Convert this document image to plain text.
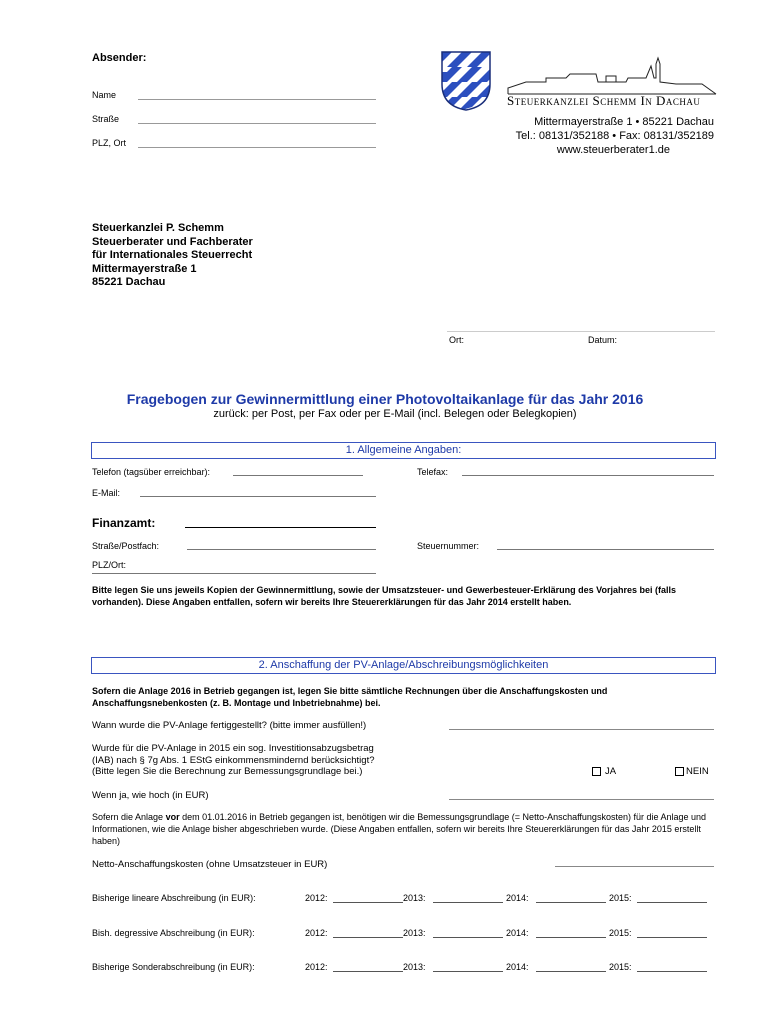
Absender:
Name
Straße
PLZ, Ort
Steuerkanzlei Schemm In Dachau
Mittermayerstraße 1 • 85221 Dachau
Tel.: 08131/352188 • Fax: 08131/352189
www.steuerberater1.de
Steuerkanzlei P. Schemm
Steuerberater und Fachberater
für Internationales Steuerrecht
Mittermayerstraße 1
85221 Dachau
Ort:	Datum:
Fragebogen zur Gewinnermittlung einer Photovoltaikanlage für das Jahr 2016
zurück: per Post, per Fax oder per E-Mail (incl. Belegen oder Belegkopien)
1. Allgemeine Angaben:
Telefon (tagsüber erreichbar):	Telefax:
E-Mail:
Finanzamt:
Straße/Postfach:	Steuernummer:
PLZ/Ort:
Bitte legen Sie uns jeweils Kopien der Gewinnermittlung, sowie der Umsatzsteuer- und Gewerbesteuer-Erklärung des Vorjahres bei (falls vorhanden). Diese Angaben entfallen, sofern wir bereits Ihre Steuererklärungen für das Jahr 2014 erstellt haben.
2. Anschaffung der PV-Anlage/Abschreibungsmöglichkeiten
Sofern die Anlage 2016 in Betrieb gegangen ist, legen Sie bitte sämtliche Rechnungen über die Anschaffungskosten und Anschaffungsnebenkosten (z. B. Montage und Inbetriebnahme) bei.
Wann wurde die PV-Anlage fertiggestellt? (bitte immer ausfüllen!)
Wurde für die PV-Anlage in 2015 ein sog. Investitionsabzugsbetrag
(IAB) nach § 7g Abs. 1 EStG einkommensmindernd berücksichtigt?
(Bitte legen Sie die Berechnung zur Bemessungsgrundlage bei.)	JA	NEIN
Wenn ja, wie hoch (in EUR)
Sofern die Anlage vor dem 01.01.2016 in Betrieb gegangen ist, benötigen wir die Bemessungsgrundlage (= Netto-Anschaffungskosten) für die Anlage und Informationen, wie die Anlage bisher abgeschrieben wurde. (Diese Angaben entfallen, sofern wir bereits Ihre Steuererklärungen für das Jahr 2015 erstellt haben)
Netto-Anschaffungskosten (ohne Umsatzsteuer in EUR)
Bisherige lineare Abschreibung (in EUR):	2012:	2013:	2014:	2015:
Bish. degressive Abschreibung (in EUR):	2012:	2013:	2014:	2015:
Bisherige Sonderabschreibung (in EUR):	2012:	2013:	2014:	2015:
